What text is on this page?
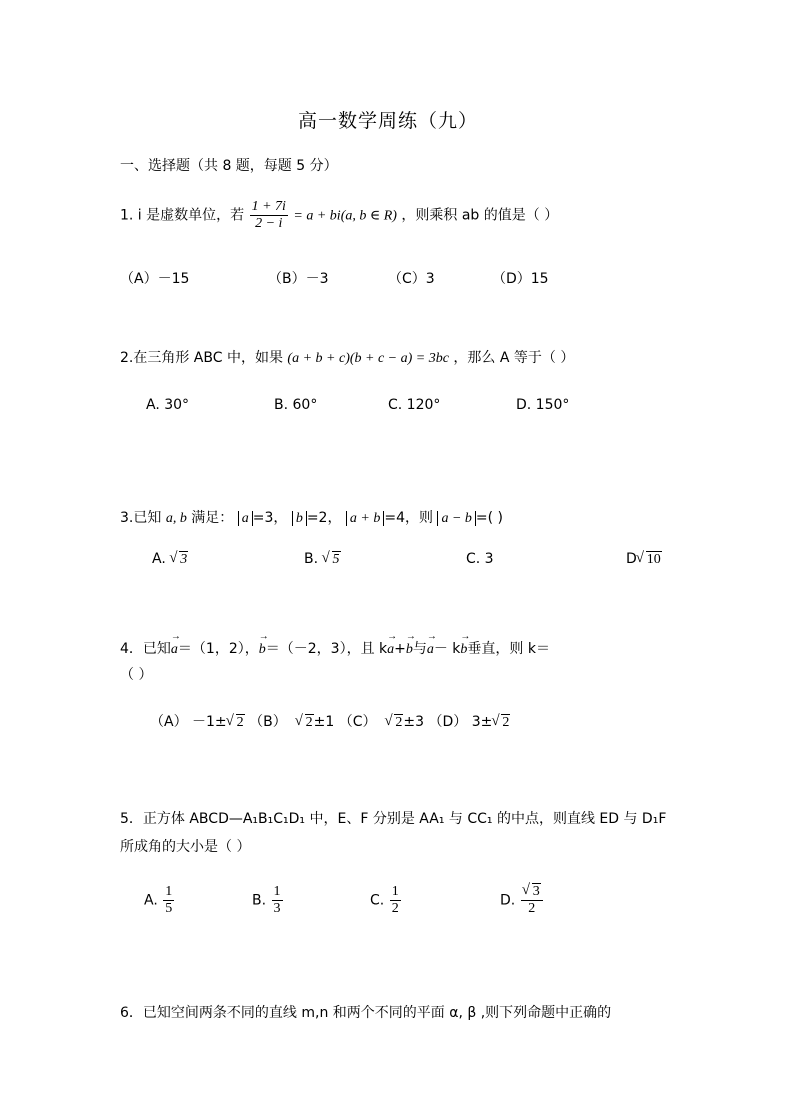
高一数学周练（九）
一、选择题（共 8 题，每题 5 分）
1. i 是虚数单位，若 $\frac{1 + 7i}{2 - i} = a + bi(a$, b ∈ R) ，则乘积 ab 的值是（ ）
（A）－15	（B）－3	（C）3	（D）15
2.在三角形 ABC 中，如果 (a + b + c)(b + c − a) = 3bc ，那么 A 等于（ ）
A. 30°	B. 60°	C. 120°	D. 150°
3.已知 a, b 满足： a =3， b =2， a + b =4，则 a − b =( )
A. √ 3	B. √ 5	C. 3	D √ 10
4．已知→ a＝（1，2），→ b＝（－2，3），且 k→ a+→ b与→ a－ k→ b垂直，则 k＝
（ ）
（A） －1± √ 2 （B） √ 2±1 （C） √ 2±3 （D） 3± √ 2
5．正方体 ABCD—A₁B₁C₁D₁ 中，E、F 分别是 AA₁ 与 CC₁ 的中点，则直线 ED 与 D₁F
所成角的大小是（ ）
A. $\frac{1}{5}$	B. $\frac{1}{3}$	C. $\frac{1}{2}$	D. √ $\frac{3}{2}$
6．已知空间两条不同的直线 m,n 和两个不同的平面 α, β ,则下列命题中正确的
